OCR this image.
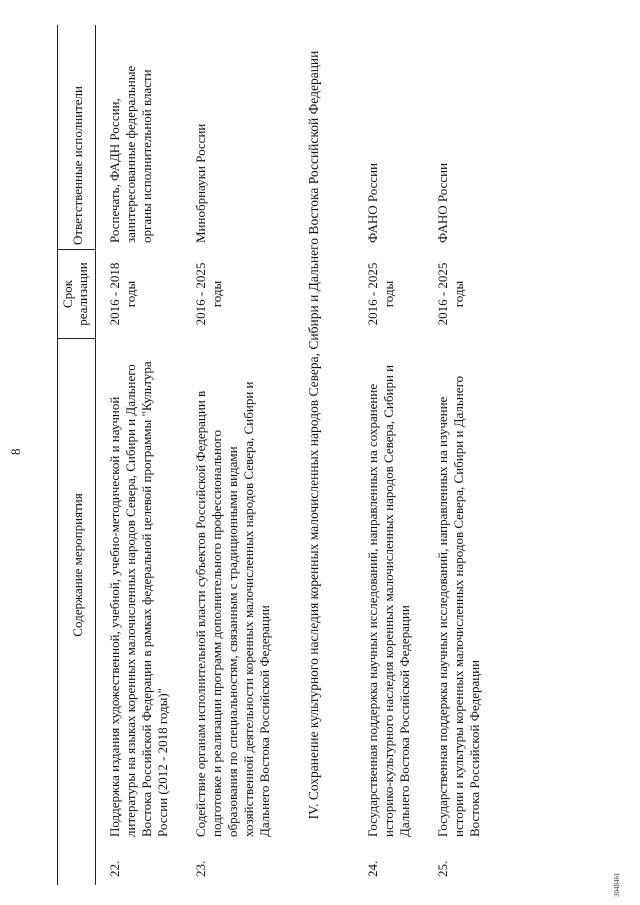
8
Содержание мероприятия
Срок реализации
Ответственные исполнители
22.
Поддержка издания художественной, учебной, учебно-методической и научной литературы на языках коренных малочисленных народов Севера, Сибири и Дальнего Востока Российской Федерации в рамках федеральной целевой программы "Культура России (2012 - 2018 годы)"
2016 - 2018 годы
Роспечать, ФАДН России, заинтересованные федеральные органы исполнительной власти
23.
Содействие органам исполнительной власти субъектов Российской Федерации в подготовке и реализации программ дополнительного профессионального образования по специальностям, связанным с традиционными видами хозяйственной деятельности коренных малочисленных народов Севера, Сибири и Дальнего Востока Российской Федерации
2016 - 2025 годы
Минобрнауки России	IV. Сохранение культурного наследия коренных малочисленных народов Севера, Сибири и Дальнего Востока Российской Федерации
24.
Государственная поддержка научных исследований, направленных на сохранение историко-культурного наследия коренных малочисленных народов Севера, Сибири и Дальнего Востока Российской Федерации
2016 - 2025 годы
ФАНО России
25.
Государственная поддержка научных исследований, направленных на изучение истории и культуры коренных малочисленных народов Севера, Сибири и Дальнего Востока Российской Федерации
2016 - 2025 годы
ФАНО России
3048461
